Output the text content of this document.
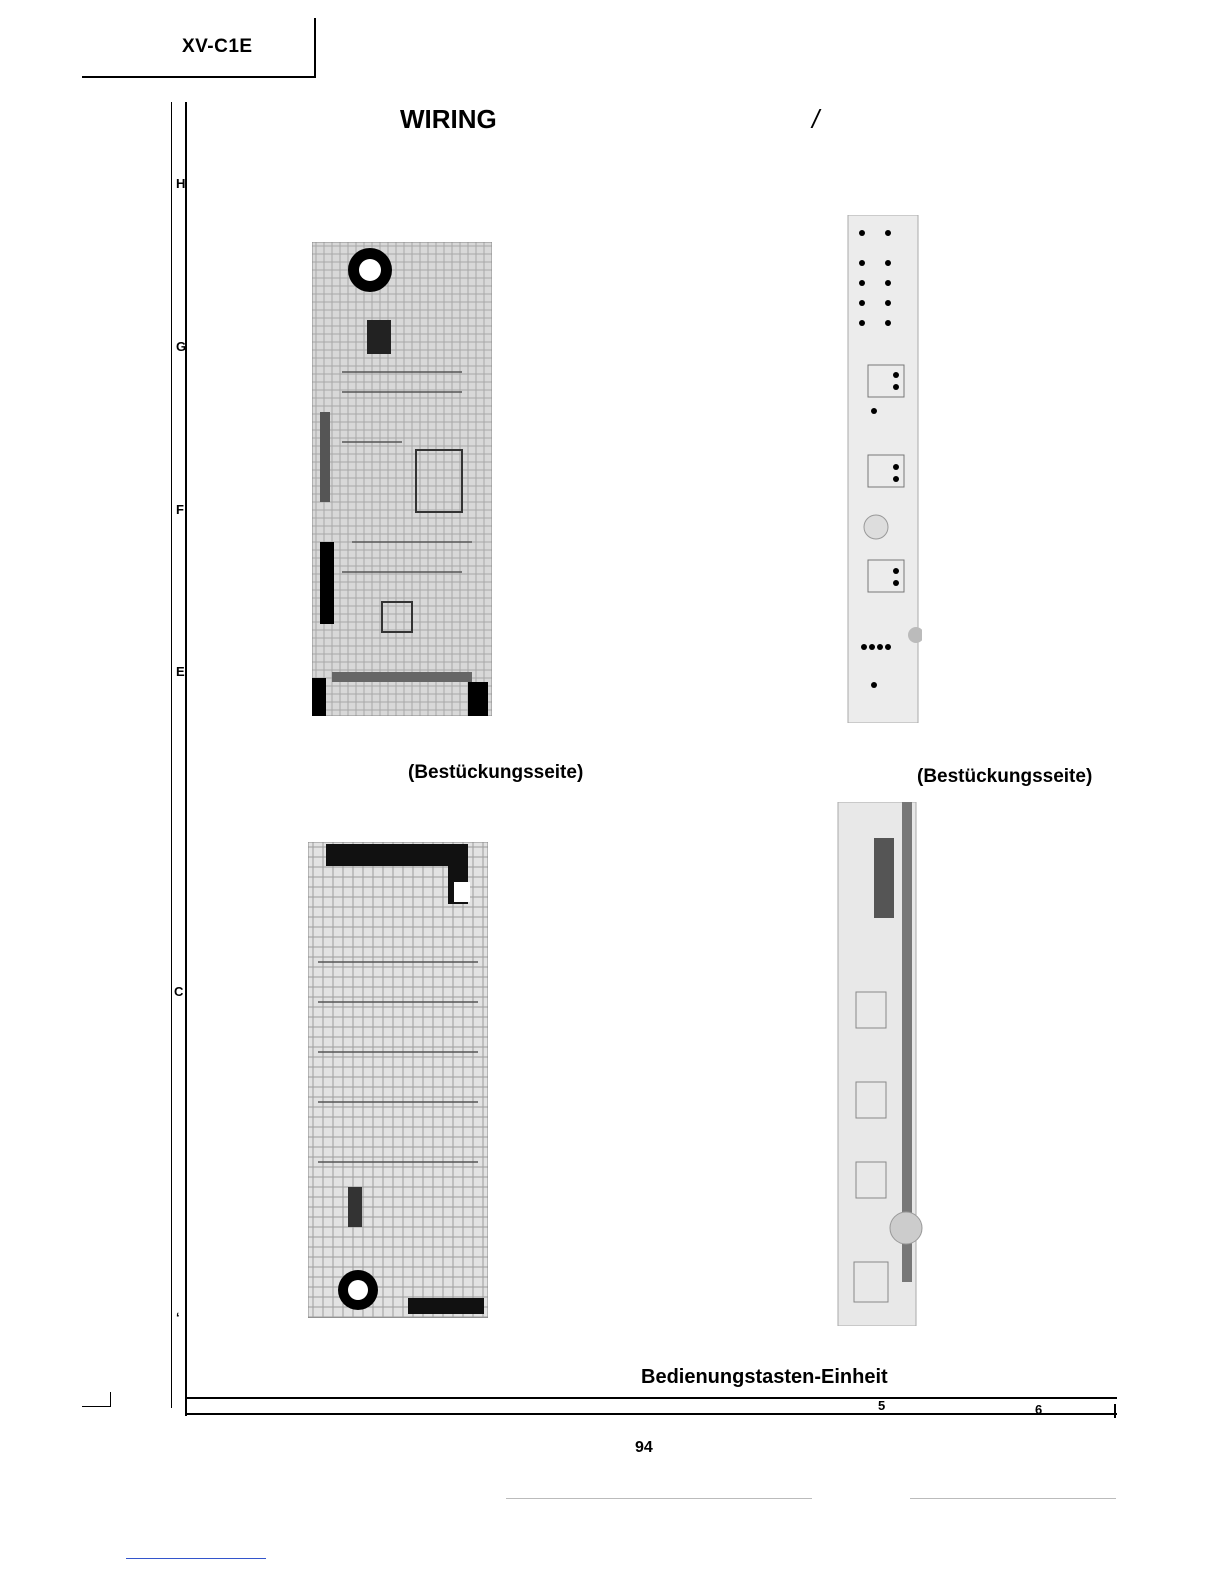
XV-C1E
H
G
F
E
C
ʻ
WIRING	/
(Bestückungsseite)	(Bestückungsseite)
Bedienungstasten-Einheit
5	6
94
